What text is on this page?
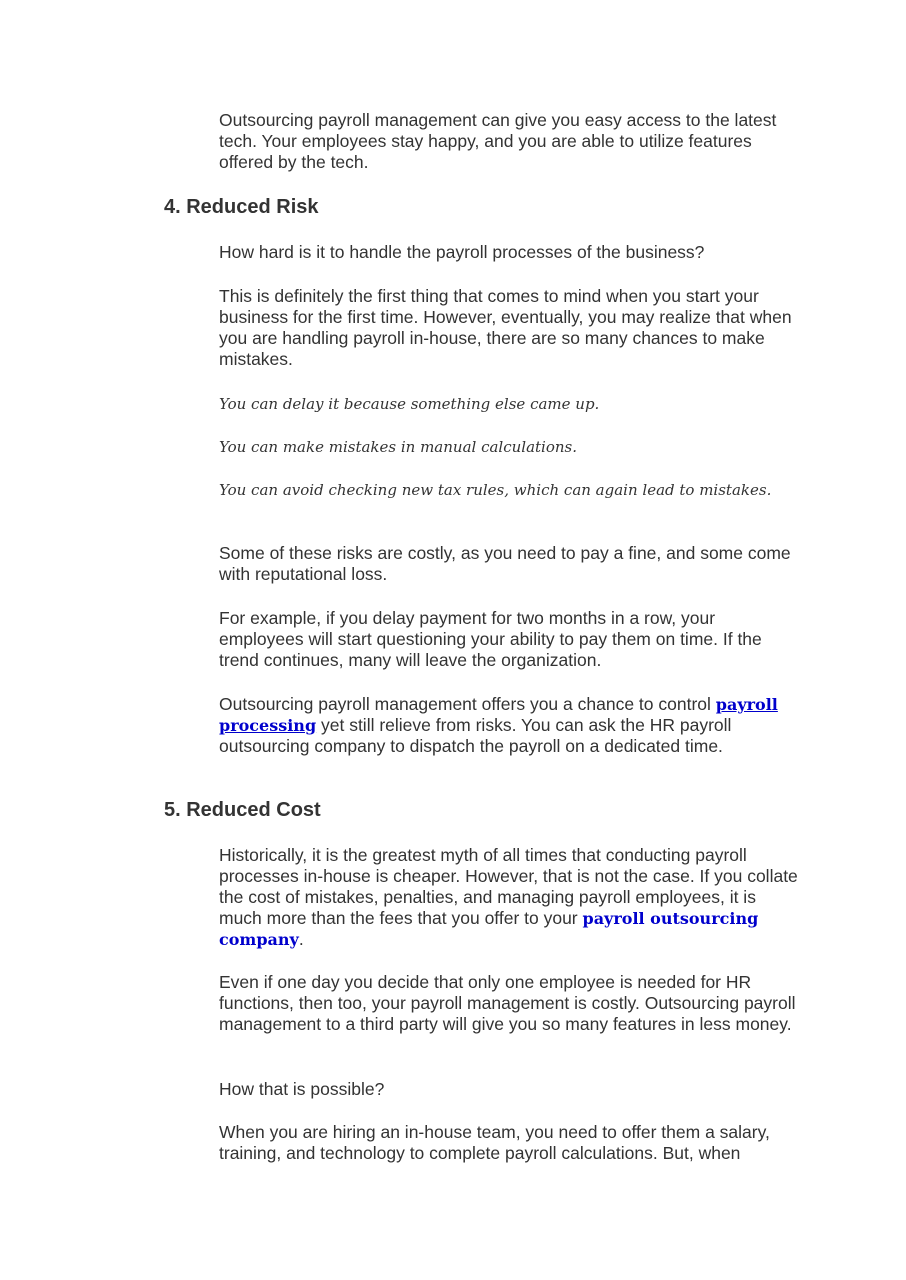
Outsourcing payroll management can give you easy access to the latest tech. Your employees stay happy, and you are able to utilize features offered by the tech.

4. Reduced Risk

How hard is it to handle the payroll processes of the business?

This is definitely the first thing that comes to mind when you start your business for the first time. However, eventually, you may realize that when you are handling payroll in-house, there are so many chances to make mistakes.

You can delay it because something else came up.

You can make mistakes in manual calculations.

You can avoid checking new tax rules, which can again lead to mistakes.

Some of these risks are costly, as you need to pay a fine, and some come with reputational loss.

For example, if you delay payment for two months in a row, your employees will start questioning your ability to pay them on time. If the trend continues, many will leave the organization.

Outsourcing payroll management offers you a chance to control payroll processing yet still relieve from risks. You can ask the HR payroll outsourcing company to dispatch the payroll on a dedicated time.

5. Reduced Cost

Historically, it is the greatest myth of all times that conducting payroll processes in-house is cheaper. However, that is not the case. If you collate the cost of mistakes, penalties, and managing payroll employees, it is much more than the fees that you offer to your payroll outsourcing company.

Even if one day you decide that only one employee is needed for HR functions, then too, your payroll management is costly. Outsourcing payroll management to a third party will give you so many features in less money.

How that is possible?

When you are hiring an in-house team, you need to offer them a salary, training, and technology to complete payroll calculations. But, when
